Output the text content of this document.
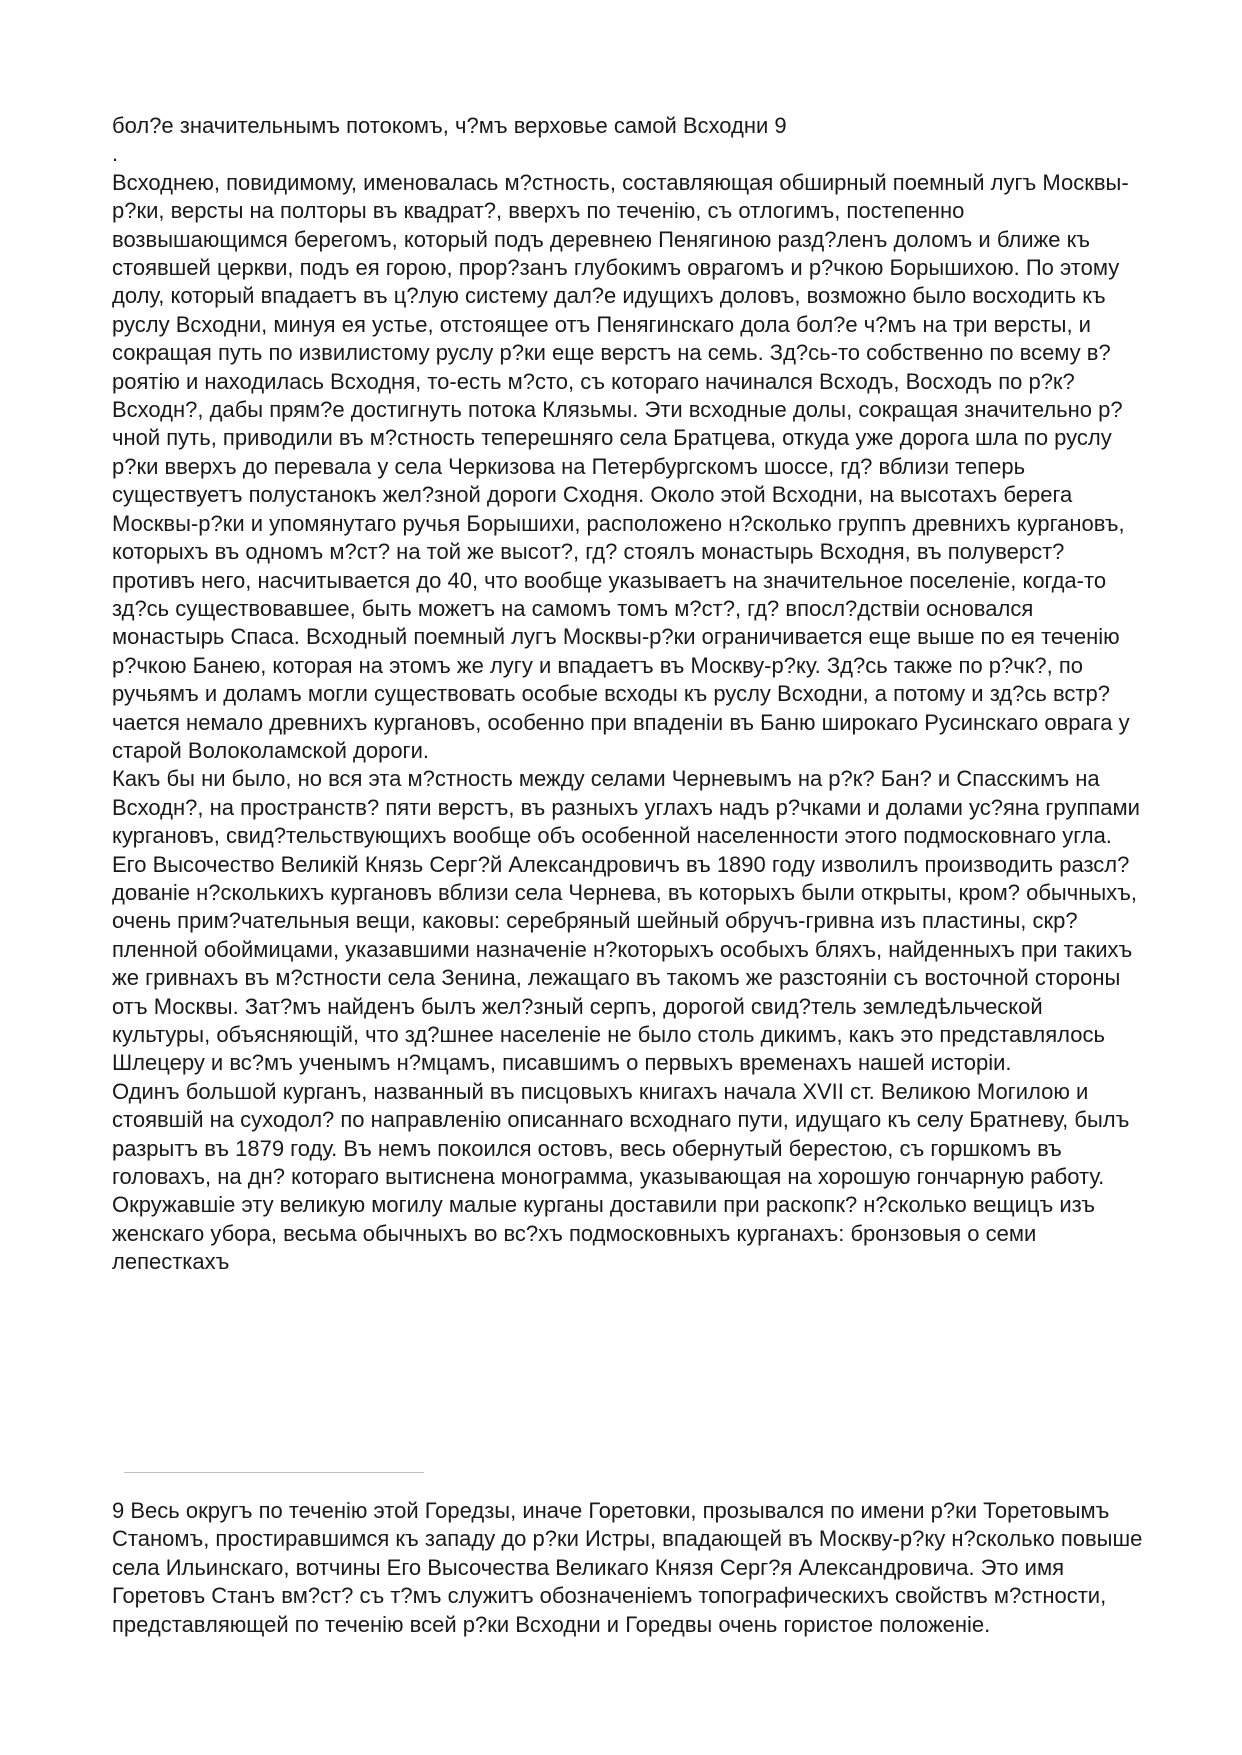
бол?е значительнымъ потокомъ, ч?мъ верховье самой Всходни 9

.

Всходнею, повидимому, именовалась м?стность, составляющая обширный поемный лугъ Москвы-р?ки, версты на полторы въ квадрат?, вверхъ по теченію, съ отлогимъ, постепенно возвышающимся берегомъ, который подъ деревнею Пенягиною разд?ленъ доломъ и ближе къ стоявшей церкви, подъ ея горою, прор?занъ глубокимъ оврагомъ и р?чкою Борышихою. По этому долу, который впадаетъ въ ц?лую систему дал?е идущихъ доловъ, возможно было восходить къ руслу Всходни, минуя ея устье, отстоящее отъ Пенягинскаго дола бол?е ч?мъ на три версты, и сокращая путь по извилистому руслу р?ки еще верстъ на семь. Зд?сь-то собственно по всему в?роятію и находилась Всходня, то-есть м?сто, съ котораго начинался Всходъ, Восходъ по р?к? Всходн?, дабы прям?е достигнуть потока Клязьмы. Эти всходные долы, сокращая значительно р?чной путь, приводили въ м?стность теперешняго села Братцева, откуда уже дорога шла по руслу р?ки вверхъ до перевала у села Черкизова на Петербургскомъ шоссе, гд? вблизи теперь существуетъ полустанокъ жел?зной дороги Сходня. Около этой Всходни, на высотахъ берега Москвы-р?ки и упомянутаго ручья Борышихи, расположено н?сколько группъ древнихъ кургановъ, которыхъ въ одномъ м?ст? на той же высот?, гд? стоялъ монастырь Всходня, въ полуверст? противъ него, насчитывается до 40, что вообще указываетъ на значительное поселеніе, когда-то зд?сь существовавшее, быть можетъ на самомъ томъ м?ст?, гд? впосл?дствіи основался монастырь Спаса. Всходный поемный лугъ Москвы-р?ки ограничивается еще выше по ея теченію р?чкою Банею, которая на этомъ же лугу и впадаетъ въ Москву-р?ку. Зд?сь также по р?чк?, по ручьямъ и доламъ могли существовать особые всходы къ руслу Всходни, а потому и зд?сь встр?чается немало древнихъ кургановъ, особенно при впаденіи въ Баню широкаго Русинскаго оврага у старой Волоколамской дороги.

Какъ бы ни было, но вся эта м?стность между селами Черневымъ на р?к? Бан? и Спасскимъ на Всходн?, на пространств? пяти верстъ, въ разныхъ углахъ надъ р?чками и долами ус?яна группами кургановъ, свид?тельствующихъ вообще объ особенной населенности этого подмосковнаго угла.

Его Высочество Великій Князь Серг?й Александровичъ въ 1890 году изволилъ производить разсл?дованіе н?сколькихъ кургановъ вблизи села Чернева, въ которыхъ были открыты, кром? обычныхъ, очень прим?чательныя вещи, каковы: серебряный шейный обручъ-гривна изъ пластины, скр?пленной обоймицами, указавшими назначеніе н?которыхъ особыхъ бляхъ, найденныхъ при такихъ же гривнахъ въ м?стности села Зенина, лежащаго въ такомъ же разстояніи съ восточной стороны отъ Москвы. Зат?мъ найденъ былъ жел?зный серпъ, дорогой свид?тель земледѣльческой культуры, объясняющій, что зд?шнее населеніе не было столь дикимъ, какъ это представлялось Шлецеру и вс?мъ ученымъ н?мцамъ, писавшимъ о первыхъ временахъ нашей исторіи.

Одинъ большой курганъ, названный въ писцовыхъ книгахъ начала XVII ст. Великою Могилою и стоявшій на суходол? по направленію описаннаго всходнаго пути, идущаго къ селу Братневу, былъ разрытъ въ 1879 году. Въ немъ покоился остовъ, весь обернутый берестою, съ горшкомъ въ головахъ, на дн? котораго вытиснена монограмма, указывающая на хорошую гончарную работу. Окружавшіе эту великую могилу малые курганы доставили при раскопк? н?сколько вещицъ изъ женскаго убора, весьма обычныхъ во вс?хъ подмосковныхъ курганахъ: бронзовыя о семи лепесткахъ

9 Весь округъ по теченію этой Горедзы, иначе Горетовки, прозывался по имени р?ки Торетовымъ Станомъ, простиравшимся къ западу до р?ки Истры, впадающей въ Москву-р?ку н?сколько повыше села Ильинскаго, вотчины Его Высочества Великаго Князя Серг?я Александровича. Это имя Горетовъ Станъ вм?ст? съ т?мъ служитъ обозначеніемъ топографическихъ свойствъ м?стности, представляющей по теченію всей р?ки Всходни и Горедвы очень гористое положеніе.
